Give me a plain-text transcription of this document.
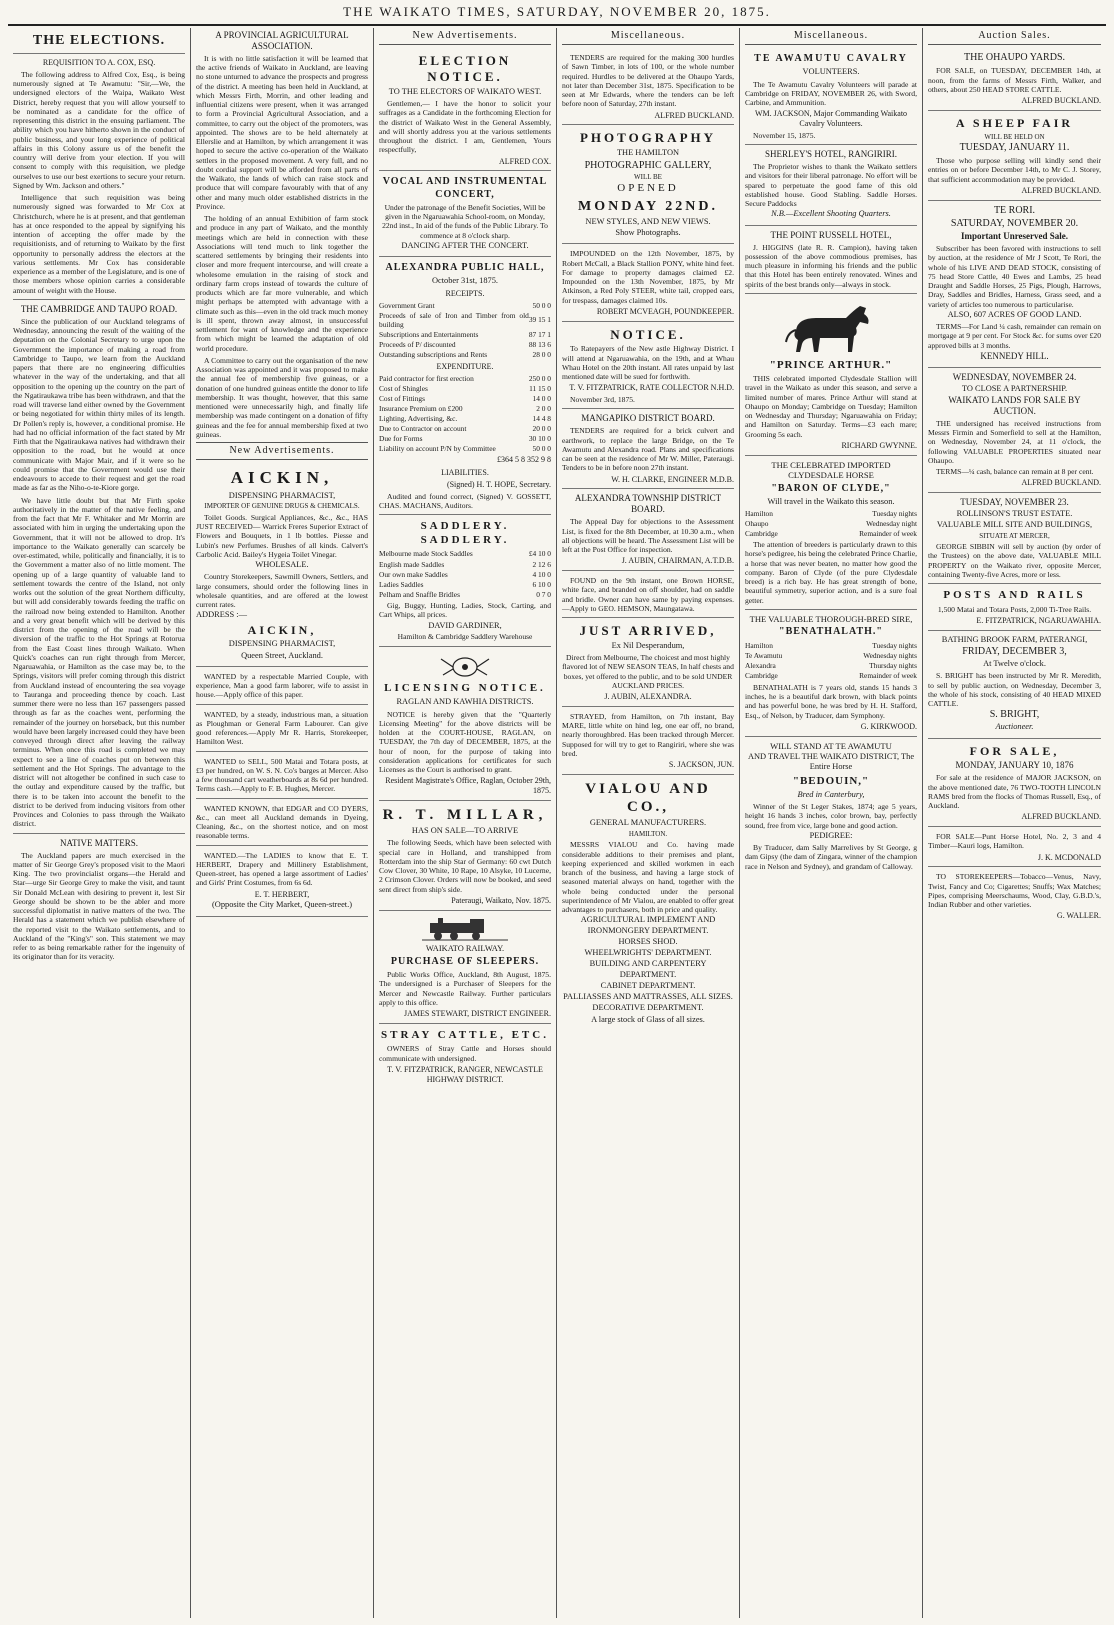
THE WAIKATO TIMES, SATURDAY, NOVEMBER 20, 1875.
THE ELECTIONS.
REQUISITION TO A. COX, ESQ.

The following address to Alfred Cox, Esq., is being numerously signed at Te Awamutu: "Sir,—We, the undersigned electors of the Waipa, Waikato West District, hereby request that you will allow yourself to be nominated as a candidate for the office of representing this district in the ensuing parliament. The ability which you have hitherto shown in the conduct of public business, and your long experience of political affairs in this Colony assure us of the benefit the country will derive from your election. If you will consent to comply with this requisition, we pledge ourselves to use our best exertions to secure your return. Signed by Wm. Jackson and others."

Intelligence that such requisition was being numerously signed was forwarded to Mr Cox at Christchurch, where he is at present, and that gentleman has at once responded to the appeal by signifying his intention of accepting the offer made by the requisitionists, and of returning to Waikato by the first opportunity to personally address the electors at the various settlements. Mr Cox has considerable experience as a member of the Legislature, and is one of those members whose opinion carries a considerable amount of weight with the House.

THE CAMBRIDGE AND TAUPO ROAD.

Since the publication of our Auckland telegrams of Wednesday, announcing the result of the waiting of the deputation on the Colonial Secretary to urge upon the Government the importance of making a road from Cambridge to Taupo, we learn from the Auckland papers that there are no engineering difficulties whatever in the way of the undertaking, and that all opposition to the opening up the country on the part of the Ngatiraukawa tribe has been withdrawn, and that the road will traverse land either owned by the Government or being negotiated for within thirty miles of its length. Dr Pollen's reply is, however, a conditional promise. He had had no official information of the fact stated by Mr Firth that the Ngatiraukawa natives had withdrawn their opposition to the road, but he would at once communicate with Major Mair, and if it were so he could promise that the Government would use their endeavours to accede to their request and get the road made as far as the Niho-o-te-Kiore gorge.

We have little doubt but that Mr Firth spoke authoritatively in the matter of the native feeling, and from the fact that Mr F. Whitaker and Mr Morrin are associated with him in urging the undertaking upon the Government, that it will not be allowed to drop. It's importance to the Waikato generally can scarcely be over-estimated, while, politically and financially, it is to the Government a matter also of no little moment. The opening up of a large quantity of valuable land to settlement towards the centre of the Island, not only works out the solution of the great Northern difficulty, but will add considerably towards feeding the traffic on the railroad now being extended to Hamilton. Another and a very great benefit which will be derived by this district from the opening of the road will be the diversion of the traffic to the Hot Springs at Rotorua from the East Coast lines through Waikato. When Quick's coaches can run right through from Mercer, Ngaruawahia, or Hamilton as the case may be, to the Springs, visitors will prefer coming through this district from Auckland instead of encountering the sea voyage to Tauranga and proceeding thence by coach. Last summer there were no less than 167 passengers passed through as far as the coaches went, performing the remainder of the journey on horseback, but this number would have been largely increased could they have been conveyed through direct after leaving the railway terminus. When once this road is completed we may expect to see a line of coaches put on between this settlement and the Hot Springs. The advantage to the district will not altogether be confined in such case to the outlay and expenditure caused by the traffic, but there is to be taken into account the benefit to the district to be derived from inducing visitors from other Provinces and Colonies to pass through the Waikato district.

NATIVE MATTERS.

The Auckland papers are much exercised in the matter of Sir George Grey's proposed visit to the Maori King. The two provincialist organs—the Herald and Star—urge Sir George Grey to make the visit, and taunt Sir Donald McLean with desiring to prevent it, lest Sir George should be shown to be the abler and more successful diplomatist in native matters of the two. The Herald has a statement which we publish elsewhere of the reported visit to the Waikato settlements, and to Auckland of the "King's" son. This statement we may refer to as being remarkable rather for the ingenuity of its originator than for its veracity.

A PROVINCIAL AGRICULTURAL ASSOCIATION.

It is with no little satisfaction it will be learned that the active friends of Waikato in Auckland, are leaving no stone unturned to advance the prospects and progress of the district. A meeting has been held in Auckland, at which Messrs Firth, Morrin, and other leading and influential citizens were present, when it was arranged to form a Provincial Agricultural Association, and a committee, to carry out the object of the promoters, was appointed. The shows are to be held alternately at Ellerslie and at Hamilton, by which arrangement it was hoped to secure the active co-operation of the Waikato settlers in the proposed movement. A very full, and no doubt cordial support will be afforded from all parts of the Waikato, the lands of which can raise stock and produce that will compare favourably with that of any other and many much older established districts in the Province.

The holding of an annual Exhibition of farm stock and produce in any part of Waikato, and the monthly meetings which are held in connection with these Associations will tend much to link together the scattered settlements by bringing their residents into closer and more frequent intercourse, and will create a wholesome emulation in the raising of stock and ordinary farm crops instead of towards the culture of products which are far more vulnerable, and which might perhaps be attempted with advantage with a climate such as this—even in the old track much money is ill spent, thrown away almost, in unsuccessful settlement for want of knowledge and the experience from which might be learned the adaptation of old world procedure.

A Committee to carry out the organisation of the new Association was appointed and it was proposed to make the annual fee of membership five guineas, or a donation of one hundred guineas entitle the donor to life membership. It was thought, however, that this same mentioned were unnecessarily high, and finally life membership was made contingent on a donation of fifty guineas and the fee for annual membership fixed at two guineas.

New Advertisements.
AICKIN,
DISPENSING PHARMACIST,
IMPORTER OF GENUINE DRUGS & CHEMICALS.

Toilet Goods. Surgical Appliances, &c., &c., HAS JUST RECEIVED— Warrick Freres Superior Extract of Flowers and Bouquets, in 1 lb bottles. Piesse and Lubin's new Perfumes. Brushes of all kinds. Calvert's Carbolic Acid. Bailey's Hygeia Toilet Vinegar.

WHOLESALE.

Country Storekeepers, Sawmill Owners, Settlers, and large consumers, should order the following lines in wholesale quantities, and are offered at the lowest current rates.

ADDRESS :—
AICKIN,
DISPENSING PHARMACIST,
Queen Street, Auckland.

WANTED by a respectable Married Couple, with experience, Man a good farm laborer, wife to assist in house.—Apply office of this paper.

WANTED, by a steady, industrious man, a situation as Ploughman or General Farm Labourer. Can give good references.—Apply Mr R. Harris, Storekeeper, Hamilton West.

WANTED to SELL, 500 Matai and Totara posts, at £3 per hundred, on W. S. N. Co's barges at Mercer. Also a few thousand cart weatherboards at 8s 6d per hundred. Terms cash.—Apply to F. B. Hughes, Mercer.

WANTED KNOWN, that EDGAR and CO DYERS, &c., can meet all Auckland demands in Dyeing, Cleaning, &c., on the shortest notice, and on most reasonable terms.

WANTED.—The LADIES to know that E. T. HERBERT, Drapery and Millinery Establishment, Queen-street, has opened a large assortment of Ladies' and Girls' Print Costumes, from 6s 6d.

E. T. HERBERT,
(Opposite the City Market, Queen-street.)
New Advertisements.
ELECTION NOTICE.
TO THE ELECTORS OF WAIKATO WEST.

Gentlemen,— I have the honor to solicit your suffrages as a Candidate in the forthcoming Election for the district of Waikato West in the General Assembly, and will shortly address you at the various settlements throughout the district. I am, Gentlemen, Yours respectfully,

ALFRED COX.
VOCAL AND INSTRUMENTAL CONCERT,

Under the patronage of the Benefit Societies, Will be given in the Ngaruawahia School-room, on Monday, 22nd inst., In aid of the funds of the Public Library. To commence at 8 o'clock sharp.

DANCING AFTER THE CONCERT.
ALEXANDRA PUBLIC HALL,
October 31st, 1875.
RECEIPTS.
Government Grant	50 0 0
Proceeds of sale of Iron and Timber from old building	39 15 1
Subscriptions and Entertainments	87 17 1
Proceeds of P/ discounted	88 13 6
Outstanding subscriptions and Rents	28 0 0
EXPENDITURE.
Paid contractor for first erection	250 0 0
Cost of Shingles	11 15 0
Cost of Fittings	14 0 0
Insurance Premium on £200	2 0 0
Lighting, Advertising, &c.	14 4 8
Due to Contractor on account	20 0 0
Due for Forms	30 10 0
Liability on account P/N by Committee	50 0 0
£364 5 8 352 9 8
LIABILITIES.
(Signed) H. T. HOPE, Secretary.

Audited and found correct, (Signed) V. GOSSETT, CHAS. MACHANS, Auditors.

SADDLERY. SADDLERY.
Melbourne made Stock Saddles	£4 10 0
English made Saddles	2 12 6
Our own make Saddles	4 10 0
Ladies Saddles	6 10 0
Pelham and Snaffle Bridles	0 7 0

Gig, Buggy, Hunting, Ladies, Stock, Carting, and Cart Whips, all prices.

DAVID GARDINER,
Hamilton & Cambridge Saddlery Warehouse
LICENSING NOTICE.
RAGLAN AND KAWHIA DISTRICTS.

NOTICE is hereby given that the "Quarterly Licensing Meeting" for the above districts will be holden at the COURT-HOUSE, RAGLAN, on TUESDAY, the 7th day of DECEMBER, 1875, at the hour of noon, for the purpose of taking into consideration applications for certificates for such Licenses as the Court is authorised to grant.

Resident Magistrate's Office, Raglan, October 29th, 1875.
R. T. MILLAR,
HAS ON SALE—TO ARRIVE

The following Seeds, which have been selected with special care in Holland, and transhipped from Rotterdam into the ship Star of Germany: 60 cwt Dutch Cow Clover, 30 White, 10 Rape, 10 Alsyke, 10 Lucerne, 2 Crimson Clover. Orders will now be booked, and seed sent direct from ship's side.

Pateraugi, Waikato, Nov. 1875.
WAIKATO RAILWAY.
PURCHASE OF SLEEPERS.

Public Works Office, Auckland, 8th August, 1875. The undersigned is a Purchaser of Sleepers for the Mercer and Newcastle Railway. Further particulars apply to this office.

JAMES STEWART, DISTRICT ENGINEER.
STRAY CATTLE, ETC.

OWNERS of Stray Cattle and Horses should communicate with undersigned.

T. V. FITZPATRICK, RANGER, NEWCASTLE HIGHWAY DISTRICT.
Miscellaneous.

TENDERS are required for the making 300 hurdles of Sawn Timber, in lots of 100, or the whole number required. Hurdles to be delivered at the Ohaupo Yards, not later than December 31st, 1875. Specification to be seen at Mr Edwards, where the tenders can be left before noon of Saturday, 27th instant.

ALFRED BUCKLAND.
PHOTOGRAPHY
THE HAMILTON
PHOTOGRAPHIC GALLERY,
WILL BE
OPENED
MONDAY 22ND.
NEW STYLES, AND NEW VIEWS.
Show Photographs.

IMPOUNDED on the 12th November, 1875, by Robert McCall, a Black Stallion PONY, white hind feet. For damage to property damages claimed £2. Impounded on the 13th November, 1875, by Mr Atkinson, a Red Poly STEER, white tail, cropped ears, for trespass, damages claimed 10s.

ROBERT MCVEAGH, POUNDKEEPER.
NOTICE.

To Ratepayers of the New astle Highway District. I will attend at Ngaruawahia, on the 19th, and at Whau Whau Hotel on the 20th instant. All rates unpaid by last mentioned date will be sued for forthwith.

T. V. FITZPATRICK, RATE COLLECTOR N.H.D.
November 3rd, 1875.
MANGAPIKO DISTRICT BOARD.

TENDERS are required for a brick culvert and earthwork, to replace the large Bridge, on the Te Awamutu and Alexandra road. Plans and specifications can be seen at the residence of Mr W. Miller, Pateraugi. Tenders to be in before noon 27th instant.

W. H. CLARKE, ENGINEER M.D.B.
ALEXANDRA TOWNSHIP DISTRICT BOARD.

The Appeal Day for objections to the Assessment List, is fixed for the 8th December, at 10.30 a.m., when all objections will be heard. The Assessment List will be left at the Post Office for inspection.

J. AUBIN, CHAIRMAN, A.T.D.B.

FOUND on the 9th instant, one Brown HORSE, white face, and branded on off shoulder, had on saddle and bridle. Owner can have same by paying expenses.—Apply to GEO. HEMSON, Maungatawa.

JUST ARRIVED,
Ex Nil Desperandum,

Direct from Melbourne, The choicest and most highly flavored lot of NEW SEASON TEAS, In half chests and boxes, yet offered to the public, and to be sold UNDER AUCKLAND PRICES.

J. AUBIN, ALEXANDRA.

STRAYED, from Hamilton, on 7th instant, Bay MARE, little white on hind leg, one ear off, no brand, nearly thoroughbred. Has been tracked through Mercer. Supposed for will try to get to Rangiriri, where she was bred.

S. JACKSON, JUN.
VIALOU AND CO.,
GENERAL MANUFACTURERS.
HAMILTON.

MESSRS VIALOU and Co. having made considerable additions to their premises and plant, keeping experienced and skilled workmen in each branch of the business, and having a large stock of seasoned material always on hand, together with the whole being conducted under the personal superintendence of Mr Vialou, are enabled to offer great advantages to purchasers, both in price and quality.

AGRICULTURAL IMPLEMENT AND IRONMONGERY DEPARTMENT.
HORSES SHOD.
WHEELWRIGHTS' DEPARTMENT.
BUILDING AND CARPENTERY DEPARTMENT.
CABINET DEPARTMENT.
PALLIASSES AND MATTRASSES, ALL SIZES.
DECORATIVE DEPARTMENT.
A large stock of Glass of all sizes.
Miscellaneous.
TE AWAMUTU CAVALRY
VOLUNTEERS.

The Te Awamutu Cavalry Volunteers will parade at Cambridge on FRIDAY, NOVEMBER 26, with Sword, Carbine, and Ammunition.

WM. JACKSON, Major Commanding Waikato Cavalry Volunteers.
November 15, 1875.
SHERLEY'S HOTEL, RANGIRIRI.

The Proprietor wishes to thank the Waikato settlers and visitors for their liberal patronage. No effort will be spared to perpetuate the good fame of this old established house. Good Stabling. Saddle Horses. Secure Paddocks

N.B.—Excellent Shooting Quarters.
THE POINT RUSSELL HOTEL,

J. HIGGINS (late R. R. Campion), having taken possession of the above commodious premises, has much pleasure in informing his friends and the public that this Hotel has been entirely renovated. Wines and spirits of the best brands only—always in stock.

"PRINCE ARTHUR."

THIS celebrated imported Clydesdale Stallion will travel in the Waikato as under this season, and serve a limited number of mares. Prince Arthur will stand at Ohaupo on Monday; Cambridge on Tuesday; Hamilton on Wednesday and Thursday; Ngaruawahia on Friday; and Hamilton on Saturday. Terms—£3 each mare; Grooming 5s each.

RICHARD GWYNNE.
THE CELEBRATED IMPORTED CLYDESDALE HORSE
"BARON OF CLYDE,"
Will travel in the Waikato this season.
Hamilton	Tuesday nights
Ohaupo	Wednesday night
Cambridge	Remainder of week

The attention of breeders is particularly drawn to this horse's pedigree, his being the celebrated Prince Charlie, a horse that was never beaten, no matter how good the company. Baron of Clyde (of the pure Clydesdale breed) is a rich bay. He has great strength of bone, beautiful symmetry, superior action, and is a sure foal getter.

THE VALUABLE THOROUGH-BRED SIRE,
"BENATHALATH."
Hamilton	Tuesday nights
Te Awamutu	Wednesday nights
Alexandra	Thursday nights
Cambridge	Remainder of week

BENATHALATH is 7 years old, stands 15 hands 3 inches, he is a beautiful dark brown, with black points and has powerful bone, he was bred by H. H. Stafford, Esq., of Nelson, by Traducer, dam Symphony.

G. KIRKWOOD.
WILL STAND AT TE AWAMUTU
AND TRAVEL THE WAIKATO DISTRICT, The Entire Horse
"BEDOUIN,"
Bred in Canterbury,

Winner of the St Leger Stakes, 1874; age 5 years, height 16 hands 3 inches, color brown, bay, perfectly sound, free from vice, large bone and good action.

PEDIGREE:

By Traducer, dam Sally Marrelives by St George, g dam Gipsy (the dam of Zingara, winner of the champion race in Nelson and Sydney), and grandam of Calloway.

Auction Sales.
THE OHAUPO YARDS.

FOR SALE, on TUESDAY, DECEMBER 14th, at noon, from the farms of Messrs Firth, Walker, and others, about 250 HEAD STORE CATTLE.

ALFRED BUCKLAND.
A SHEEP FAIR
WILL BE HELD ON
TUESDAY, JANUARY 11.

Those who purpose selling will kindly send their entries on or before December 14th, to Mr C. J. Storey, that sufficient accommodation may be provided.

ALFRED BUCKLAND.
TE RORI.
SATURDAY, NOVEMBER 20.
Important Unreserved Sale.

Subscriber has been favored with instructions to sell by auction, at the residence of Mr J Scott, Te Rori, the whole of his LIVE AND DEAD STOCK, consisting of 75 head Store Cattle, 40 Ewes and Lambs, 25 head Draught and Saddle Horses, 25 Pigs, Plough, Harrows, Dray, Saddles and Bridles, Harness, Grass seed, and a variety of articles too numerous to particularise.

ALSO, 607 ACRES OF GOOD LAND.

TERMS—For Land ¼ cash, remainder can remain on mortgage at 9 per cent. For Stock &c. for sums over £20 approved bills at 3 months.

KENNEDY HILL.
WEDNESDAY, NOVEMBER 24.
TO CLOSE A PARTNERSHIP.
WAIKATO LANDS FOR SALE BY AUCTION.

THE undersigned has received instructions from Messrs Firmin and Somerfield to sell at the Hamilton, on Wednesday, November 24, at 11 o'clock, the following VALUABLE PROPERTIES situated near Ohaupo.

TERMS—¼ cash, balance can remain at 8 per cent.

ALFRED BUCKLAND.
TUESDAY, NOVEMBER 23.
ROLLINSON'S TRUST ESTATE.
VALUABLE MILL SITE AND BUILDINGS,
SITUATE AT MERCER,

GEORGE SIBBIN will sell by auction (by order of the Trustees) on the above date, VALUABLE MILL PROPERTY on the Waikato river, opposite Mercer, containing Twenty-five Acres, more or less.

POSTS AND RAILS

1,500 Matai and Totara Posts, 2,000 Ti-Tree Rails.

E. FITZPATRICK, NGARUAWAHIA.
BATHING BROOK FARM, PATERANGI,
FRIDAY, DECEMBER 3,
At Twelve o'clock.

S. BRIGHT has been instructed by Mr R. Meredith, to sell by public auction, on Wednesday, December 3, the whole of his stock, consisting of 40 HEAD MIXED CATTLE.

S. BRIGHT,
Auctioneer.
FOR SALE,
MONDAY, JANUARY 10, 1876

For sale at the residence of MAJOR JACKSON, on the above mentioned date, 76 TWO-TOOTH LINCOLN RAMS bred from the flocks of Thomas Russell, Esq., of Auckland.

ALFRED BUCKLAND.

FOR SALE—Punt Horse Hotel, No. 2, 3 and 4 Timber—Kauri logs, Hamilton.

J. K. MCDONALD

TO STOREKEEPERS—Tobacco—Venus, Navy, Twist, Fancy and Co; Cigarettes; Snuffs; Wax Matches; Pipes, comprising Meerschaums, Wood, Clay, G.B.D.'s, Indian Rubber and other varieties.

G. WALLER.
